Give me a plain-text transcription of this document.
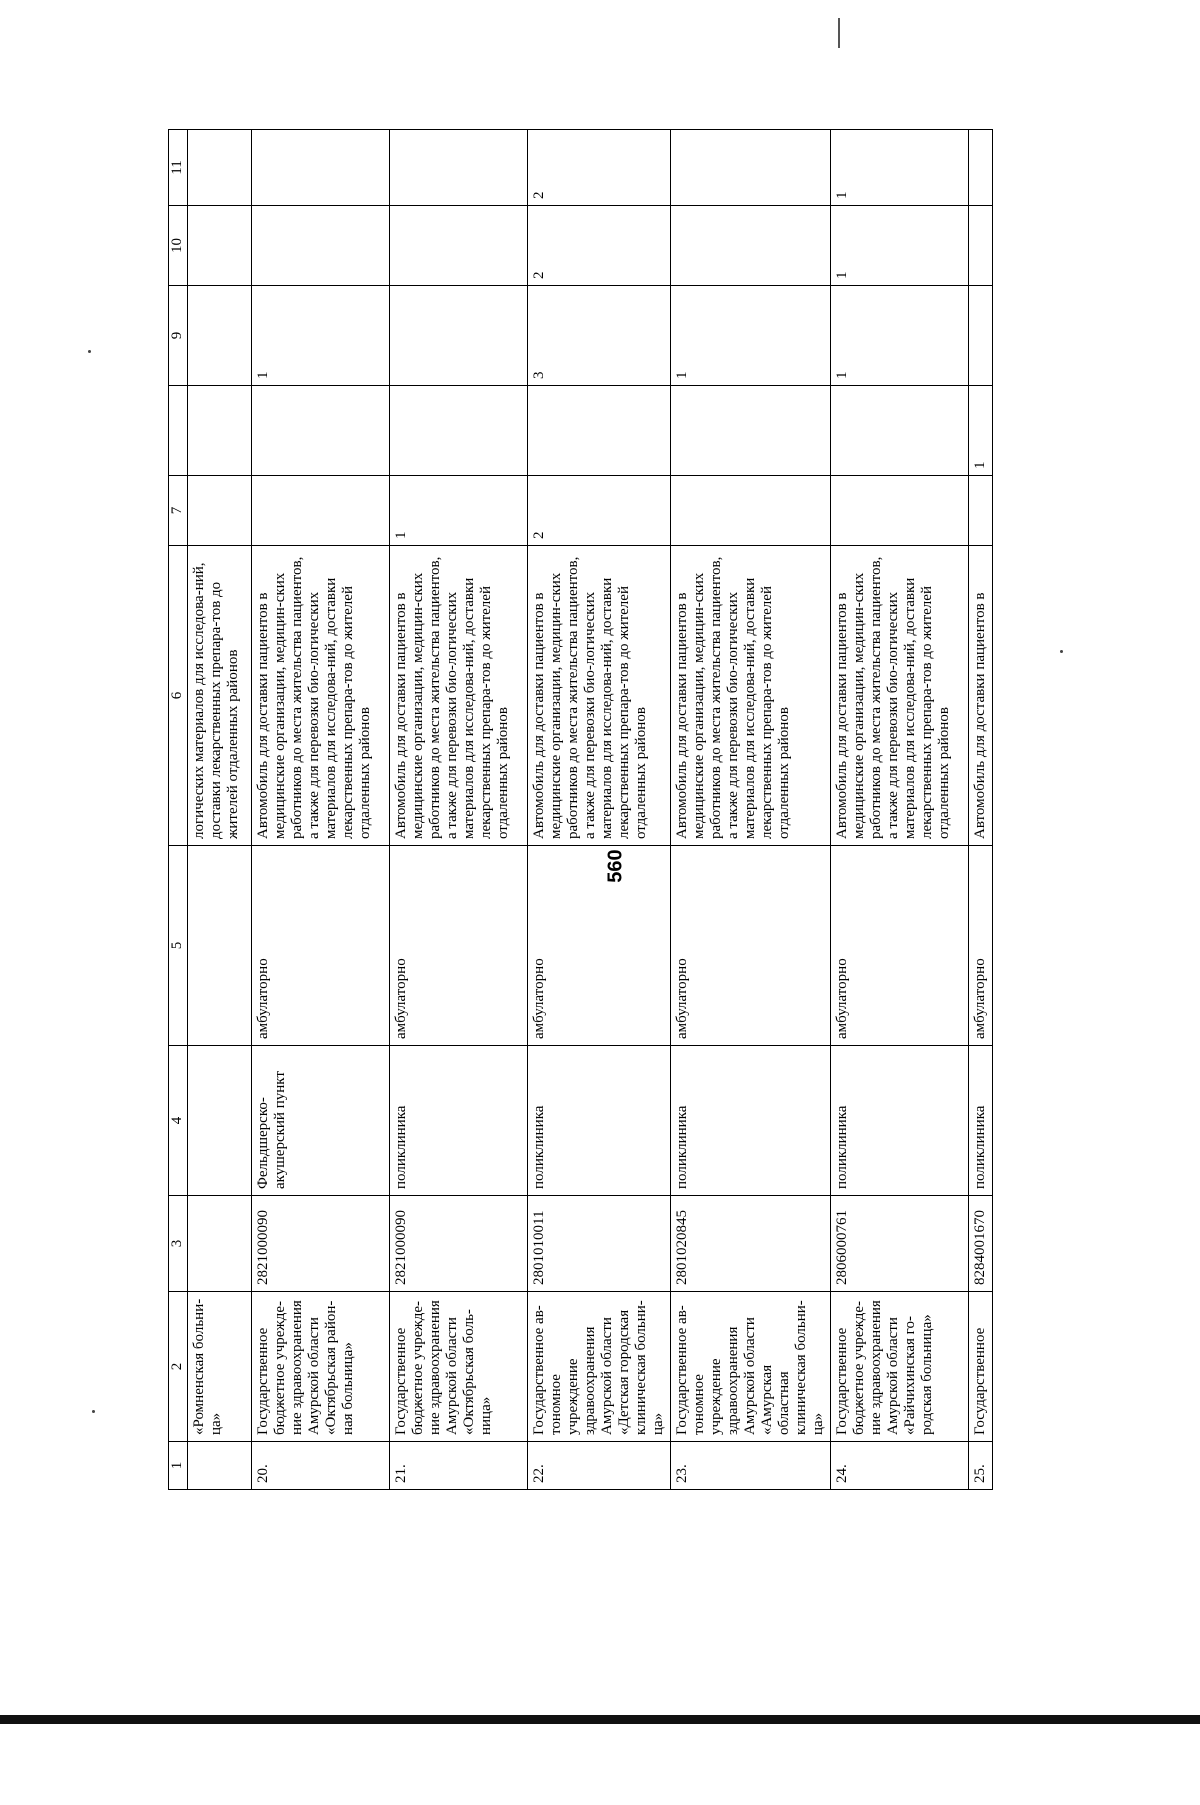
560
1	2	3	4	5	6	7		9	10	11
	«Ромненская больни-ца»				логических материалов для исследова-ний, доставки лекарственных препара-тов до жителей отдаленных районов					
20.	Государственное бюджетное учрежде-ние здравоохранения Амурской области «Октябрьская район-ная больница»	2821000090	Фельдшерско-акушерский пункт	амбулаторно	Автомобиль для доставки пациентов в медицинские организации, медицин-ских работников до места жительства пациентов, а также для перевозки био-логических материалов для исследова-ний, доставки лекарственных препара-тов до жителей отдаленных районов			1		
21.	Государственное бюджетное учрежде-ние здравоохранения Амурской области «Октябрьская боль-ница»	2821000090	поликлиника	амбулаторно	Автомобиль для доставки пациентов в медицинские организации, медицин-ских работников до места жительства пациентов, а также для перевозки био-логических материалов для исследова-ний, доставки лекарственных препара-тов до жителей отдаленных районов	1				
22.	Государственное ав-тономное учреждение здравоохранения Амурской области «Детская городская клиническая больни-ца»	2801010011	поликлиника	амбулаторно	Автомобиль для доставки пациентов в медицинские организации, медицин-ских работников до места жительства пациентов, а также для перевозки био-логических материалов для исследова-ний, доставки лекарственных препара-тов до жителей отдаленных районов	2		3	2	2
23.	Государственное ав-тономное учреждение здравоохранения Амурской области «Амурская областная клиническая больни-ца»	2801020845	поликлиника	амбулаторно	Автомобиль для доставки пациентов в медицинские организации, медицин-ских работников до места жительства пациентов, а также для перевозки био-логических материалов для исследова-ний, доставки лекарственных препара-тов до жителей отдаленных районов			1		
24.	Государственное бюджетное учрежде-ние здравоохранения Амурской области «Райчихинская го-родская больница»	2806000761	поликлиника	амбулаторно	Автомобиль для доставки пациентов в медицинские организации, медицин-ских работников до места жительства пациентов, а также для перевозки био-логических материалов для исследова-ний, доставки лекарственных препара-тов до жителей отдаленных районов			1	1	1
25.	Государственное	8284001670	поликлиника	амбулаторно	Автомобиль для доставки пациентов в		1			
